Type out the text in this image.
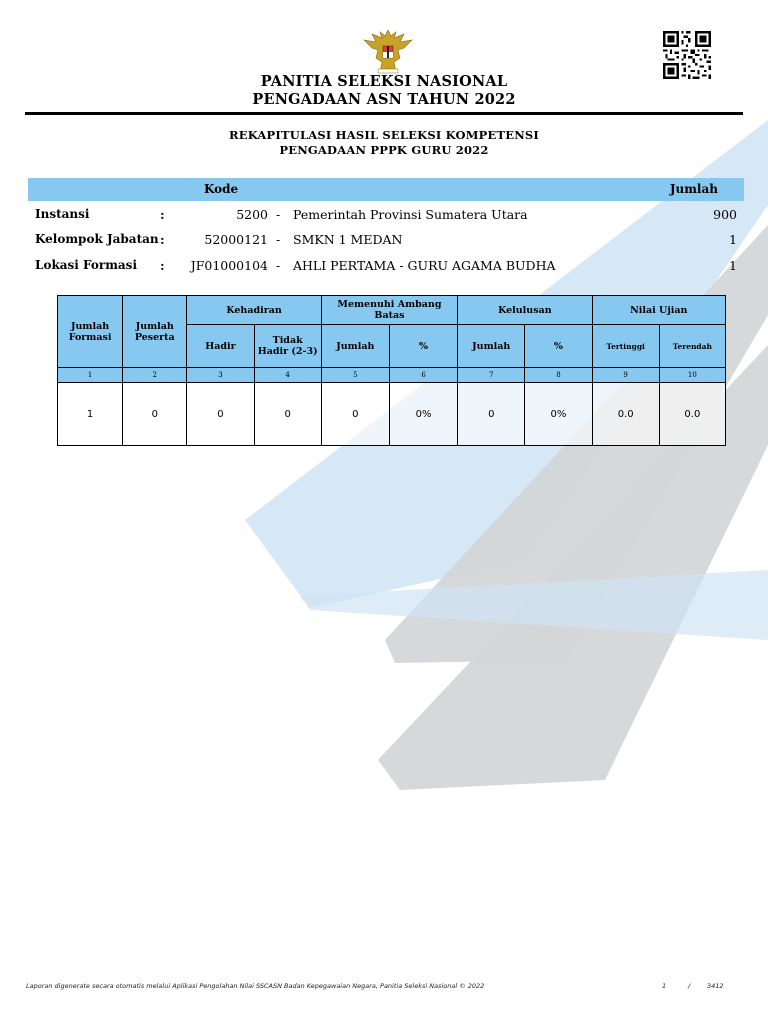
PANITIA SELEKSI NASIONAL
PENGADAAN ASN TAHUN 2022
REKAPITULASI HASIL SELEKSI KOMPETENSI
PENGADAAN PPPK GURU 2022
Kode	Jumlah
Instansi	:	5200 - Pemerintah Provinsi Sumatera Utara	900
Kelompok Jabatan :	52000121 - SMKN 1 MEDAN	1
Lokasi Formasi : JF01000104 - AHLI PERTAMA - GURU AGAMA BUDHA	1
Jumlah Formasi	Jumlah Peserta	Kehadiran		Memenuhi Ambang Batas		Kelulusan		Nilai Ujian	
		Hadir	Tidak Hadir (2-3)	Jumlah	%	Jumlah	%	Tertinggi	Terendah
1	2	3	4	5	6	7	8	9	10
1	0	0	0	0	0%	0	0%	0.0	0.0
Laporan digenerate secara otomatis melalui Aplikasi Pengolahan Nilai SSCASN Badan Kepegawaian Negara, Panitia Seleksi Nasional © 2022	1	/	3412
